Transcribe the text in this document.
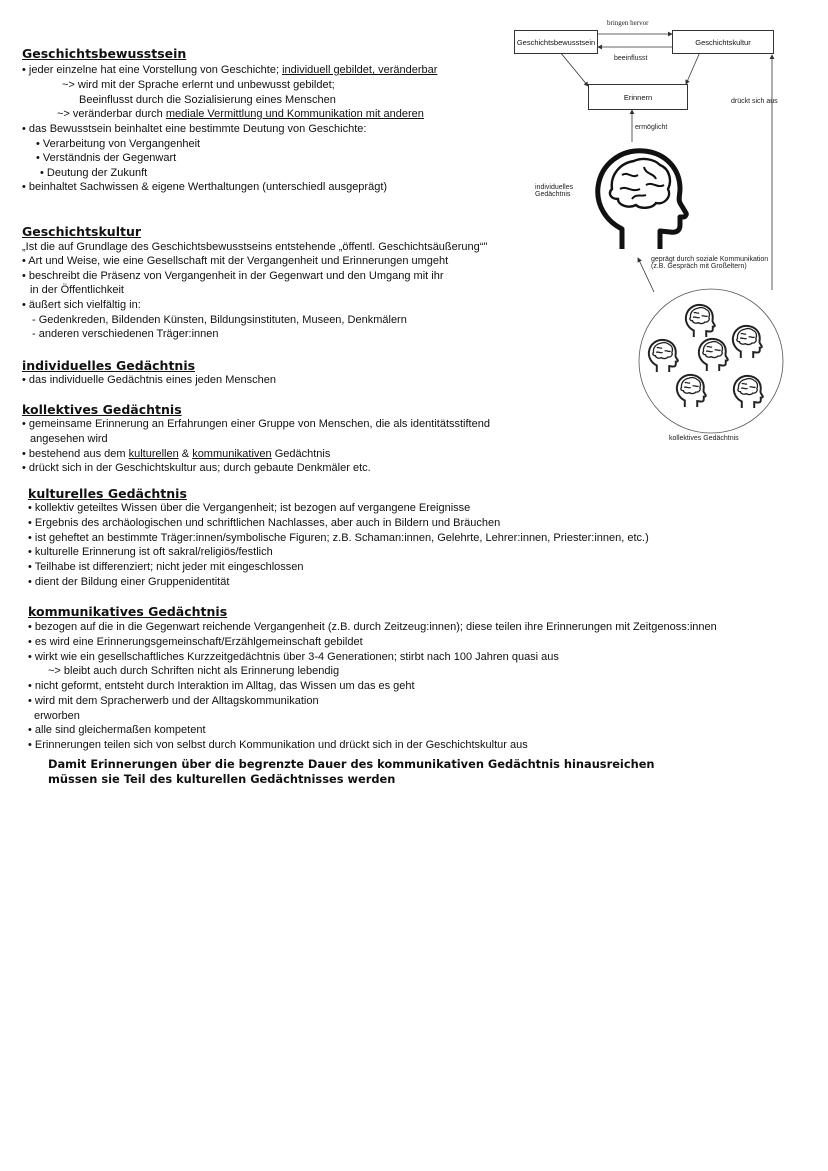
Geschichtsbewusstsein
• jeder einzelne hat eine Vorstellung von Geschichte; individuell gebildet, veränderbar
~> wird mit der Sprache erlernt und unbewusst gebildet;
Beeinflusst durch die Sozialisierung eines Menschen
~> veränderbar durch mediale Vermittlung und Kommunikation mit anderen
• das Bewusstsein beinhaltet eine bestimmte Deutung von Geschichte:
• Verarbeitung von Vergangenheit
• Verständnis der Gegenwart
• Deutung der Zukunft
• beinhaltet Sachwissen & eigene Werthaltungen (unterschiedl ausgeprägt)
Geschichtskultur
„Ist die auf Grundlage des Geschichtsbewusstseins entstehende „öffentl. Geschichtsäußerung“"
• Art und Weise, wie eine Gesellschaft mit der Vergangenheit und Erinnerungen umgeht
• beschreibt die Präsenz von Vergangenheit in der Gegenwart und den Umgang mit ihr
in der Öffentlichkeit
• äußert sich vielfältig in:
- Gedenkreden, Bildenden Künsten, Bildungsinstituten, Museen, Denkmälern
- anderen verschiedenen Träger:innen
individuelles Gedächtnis
• das individuelle Gedächtnis eines jeden Menschen
kollektives Gedächtnis
• gemeinsame Erinnerung an Erfahrungen einer Gruppe von Menschen, die als identitätsstiftend
angesehen wird
• bestehend aus dem kulturellen & kommunikativen Gedächtnis
• drückt sich in der Geschichtskultur aus; durch gebaute Denkmäler etc.
kulturelles Gedächtnis
• kollektiv geteiltes Wissen über die Vergangenheit; ist bezogen auf vergangene Ereignisse
• Ergebnis des archäologischen und schriftlichen Nachlasses, aber auch in Bildern und Bräuchen
• ist geheftet an bestimmte Träger:innen/symbolische Figuren; z.B. Schaman:innen, Gelehrte, Lehrer:innen, Priester:innen, etc.)
• kulturelle Erinnerung ist oft sakral/religiös/festlich
• Teilhabe ist differenziert; nicht jeder mit eingeschlossen
• dient der Bildung einer Gruppenidentität
kommunikatives Gedächtnis
• bezogen auf die in die Gegenwart reichende Vergangenheit (z.B. durch Zeitzeug:innen); diese teilen ihre Erinnerungen mit Zeitgenoss:innen
• es wird eine Erinnerungsgemeinschaft/Erzählgemeinschaft gebildet
• wirkt wie ein gesellschaftliches Kurzzeitgedächtnis über 3-4 Generationen; stirbt nach 100 Jahren quasi aus
~> bleibt auch durch Schriften nicht als Erinnerung lebendig
• nicht geformt, entsteht durch Interaktion im Alltag, das Wissen um das es geht
• wird mit dem Spracherwerb und der Alltagskommunikation
erworben
• alle sind gleichermaßen kompetent
• Erinnerungen teilen sich von selbst durch Kommunikation und drückt sich in der Geschichtskultur aus
Damit Erinnerungen über die begrenzte Dauer des kommunikativen Gedächtnis hinausreichen
müssen sie Teil des kulturellen Gedächtnisses werden
Geschichtsbewusstsein	Geschichtskultur
Erinnern
bringen hervor
beeinflusst
ermöglicht
drückt sich aus
individuelles
Gedächtnis
geprägt durch soziale Kommunikation
(z.B. Gespräch mit Großeltern)
kollektives Gedächtnis
